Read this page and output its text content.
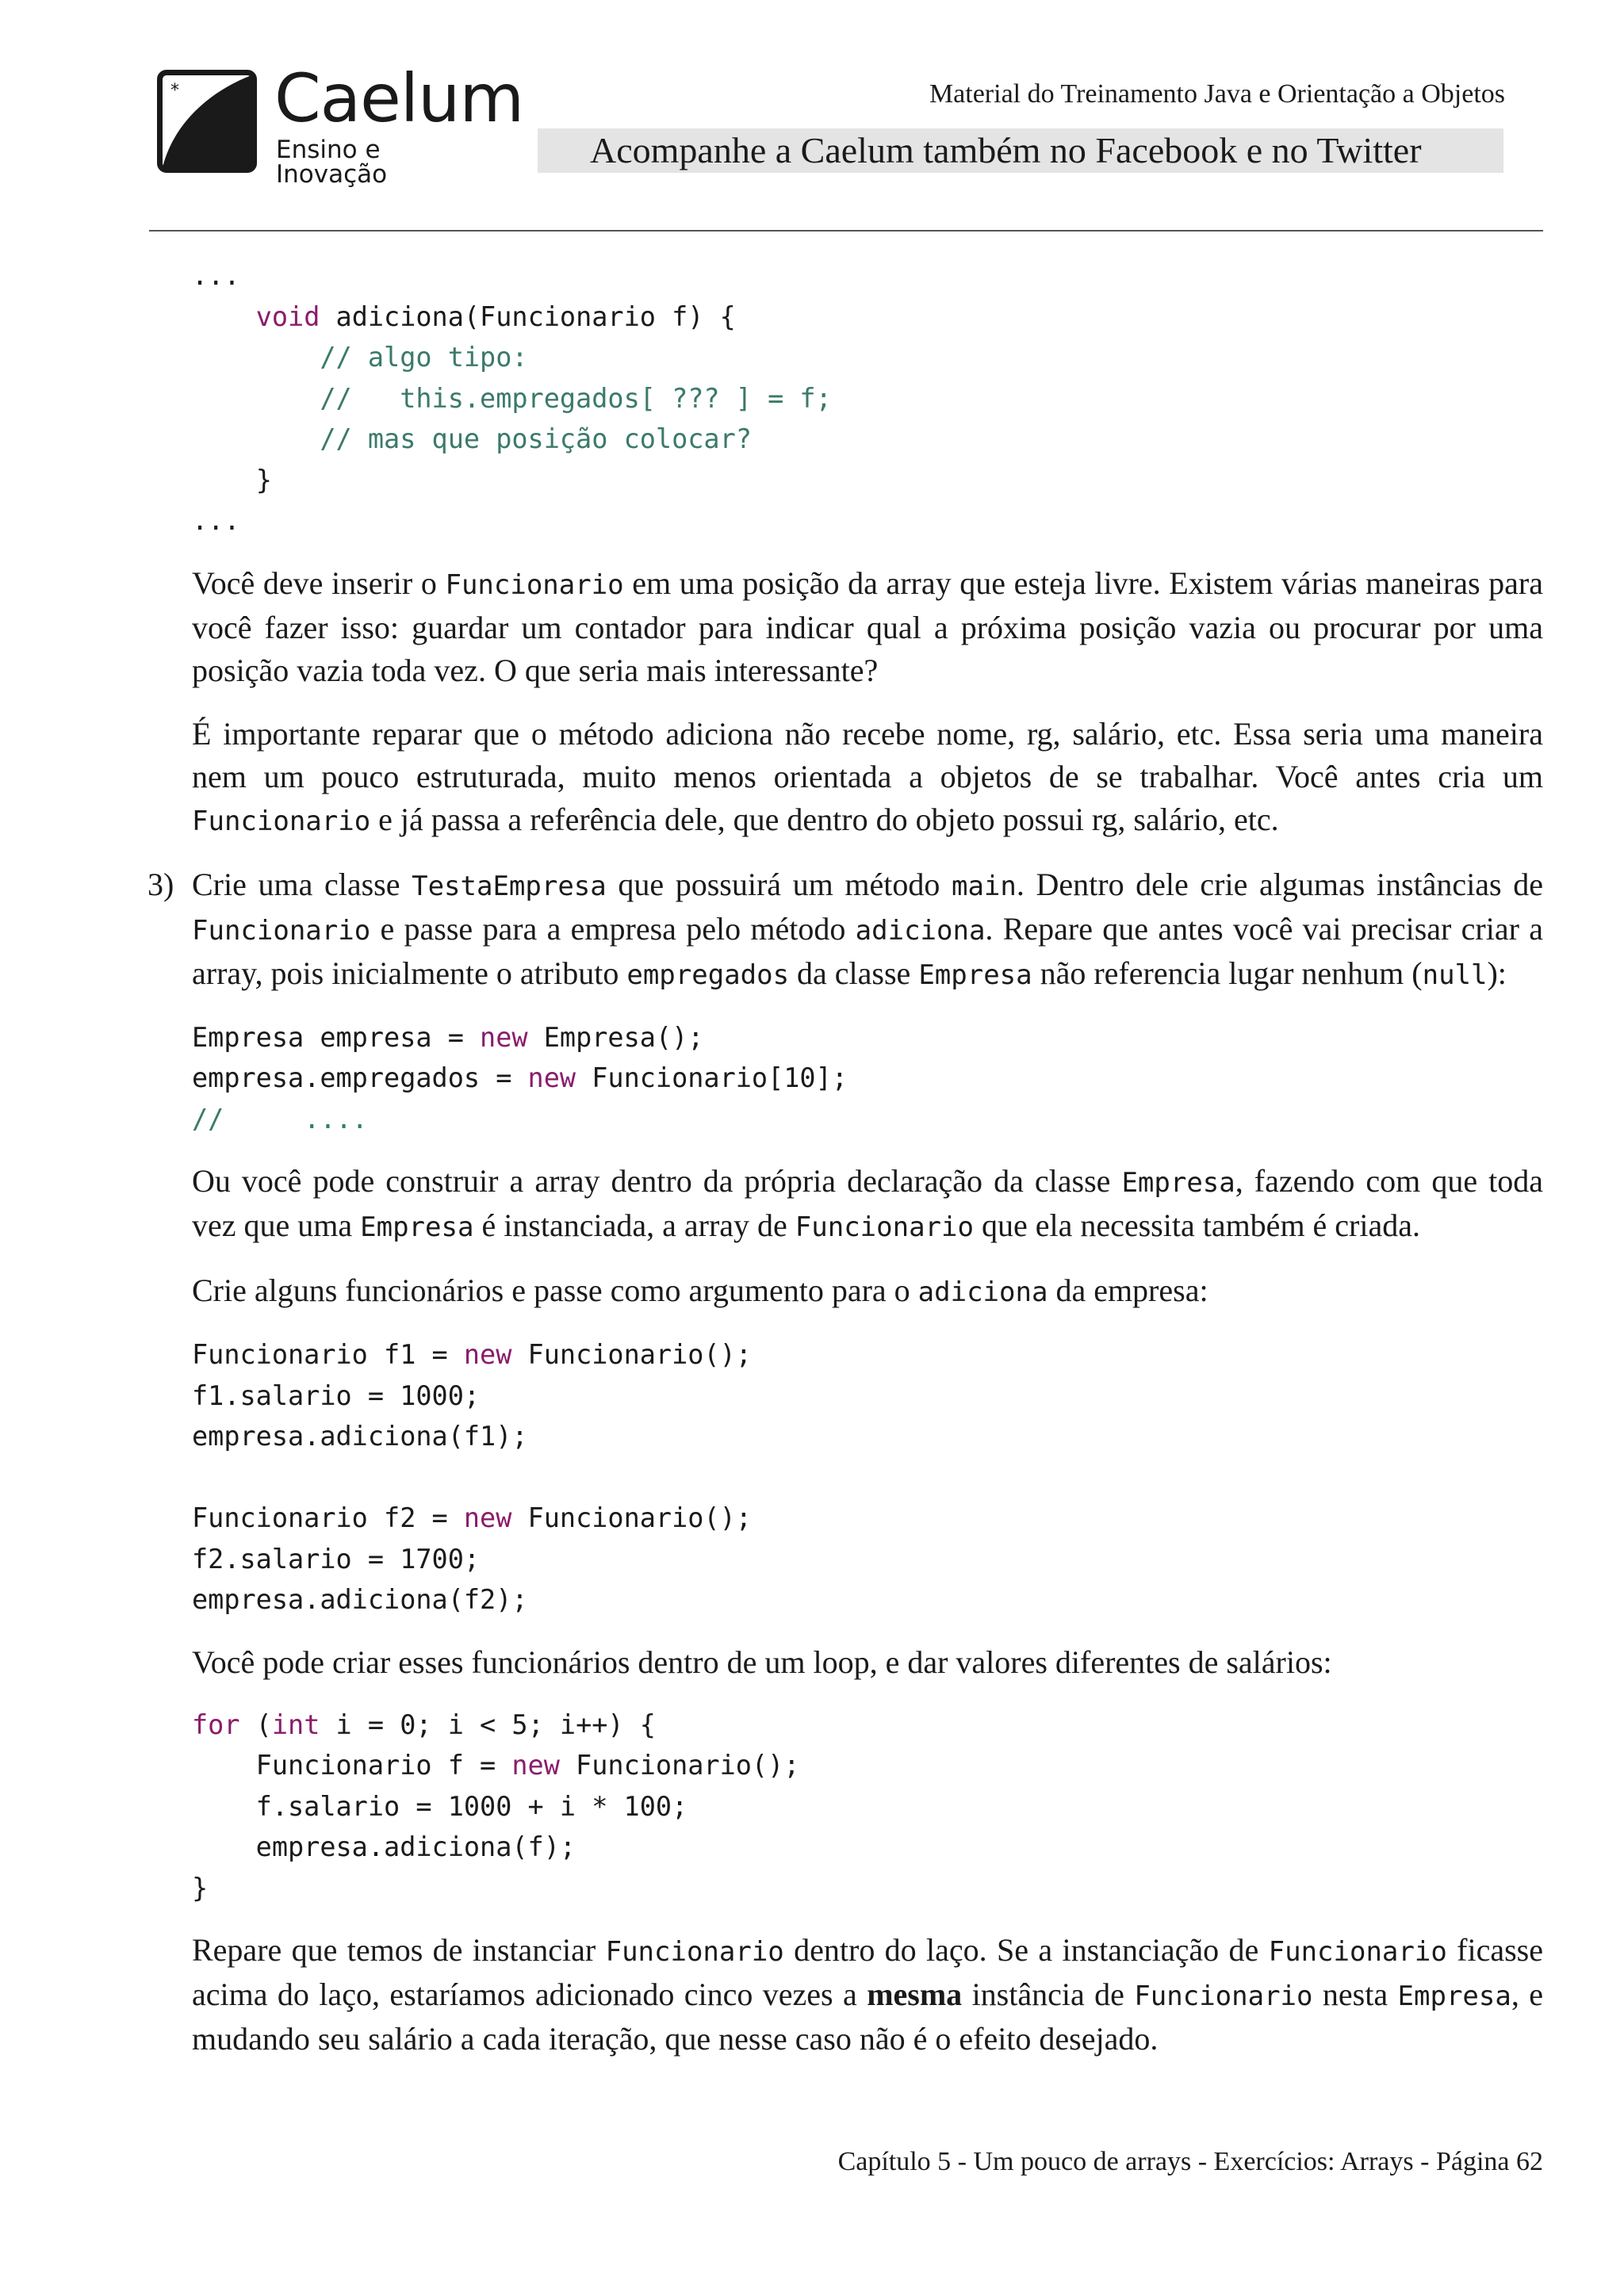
* Caelum
Ensino e Inovação
Material do Treinamento Java e Orientação a Objetos
Acompanhe a Caelum também no Facebook e no Twitter
...
void adiciona(Funcionario f) {
// algo tipo:
//   this.empregados[ ??? ] = f;
// mas que posição colocar?
}
...

Você deve inserir o Funcionario em uma posição da array que esteja livre. Existem várias maneiras para você fazer isso: guardar um contador para indicar qual a próxima posição vazia ou procurar por uma posição vazia toda vez. O que seria mais interessante?

É importante reparar que o método adiciona não recebe nome, rg, salário, etc. Essa seria uma maneira nem um pouco estruturada, muito menos orientada a objetos de se trabalhar. Você antes cria um Funcionario e já passa a referência dele, que dentro do objeto possui rg, salário, etc.

3) Crie uma classe TestaEmpresa que possuirá um método main. Dentro dele crie algumas instâncias de Funcionario e passe para a empresa pelo método adiciona. Repare que antes você vai precisar criar a array, pois inicialmente o atributo empregados da classe Empresa não referencia lugar nenhum (null):

Empresa empresa = new Empresa();
empresa.empregados = new Funcionario[10];
//     ....

Ou você pode construir a array dentro da própria declaração da classe Empresa, fazendo com que toda vez que uma Empresa é instanciada, a array de Funcionario que ela necessita também é criada.

Crie alguns funcionários e passe como argumento para o adiciona da empresa:

Funcionario f1 = new Funcionario();
f1.salario = 1000;
empresa.adiciona(f1);

Funcionario f2 = new Funcionario();
f2.salario = 1700;
empresa.adiciona(f2);

Você pode criar esses funcionários dentro de um loop, e dar valores diferentes de salários:

for (int i = 0; i < 5; i++) {
Funcionario f = new Funcionario();
f.salario = 1000 + i * 100;
empresa.adiciona(f);
}

Repare que temos de instanciar Funcionario dentro do laço. Se a instanciação de Funcionario ficasse acima do laço, estaríamos adicionado cinco vezes a mesma instância de Funcionario nesta Empresa, e mudando seu salário a cada iteração, que nesse caso não é o efeito desejado.

Capítulo 5 - Um pouco de arrays - Exercícios: Arrays - Página 62
